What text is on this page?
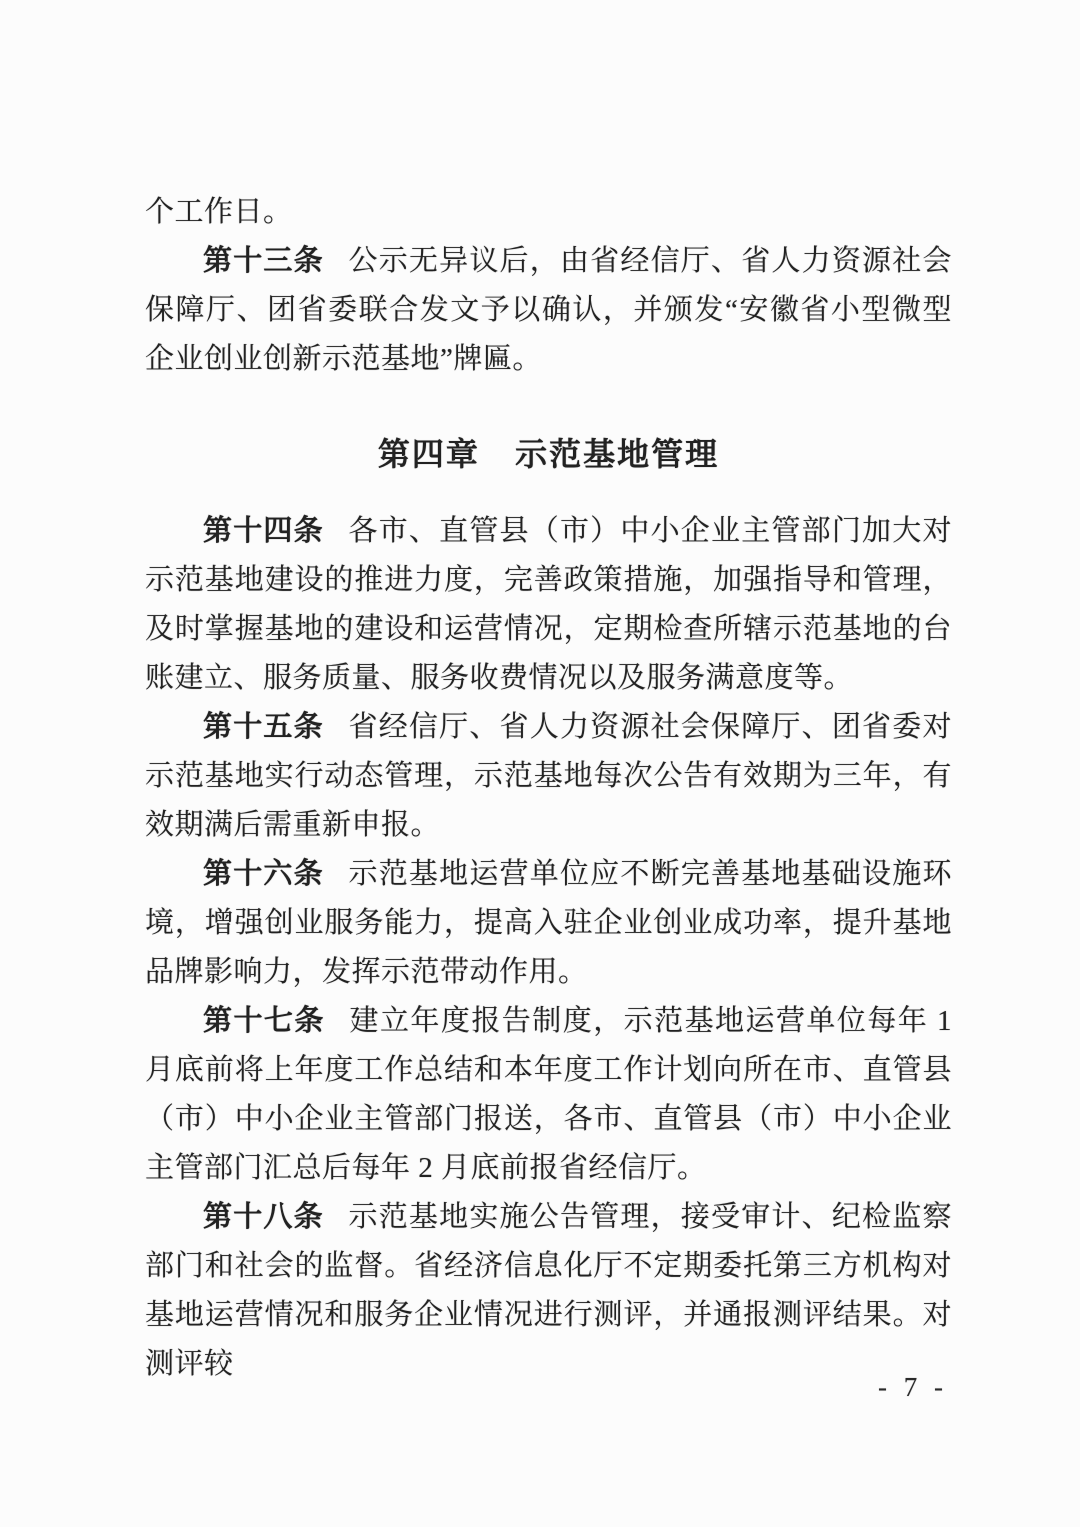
个工作日。

第十三条 公示无异议后，由省经信厅、省人力资源社会保障厅、团省委联合发文予以确认，并颁发“安徽省小型微型企业创业创新示范基地”牌匾。

第四章 示范基地管理

第十四条 各市、直管县（市）中小企业主管部门加大对示范基地建设的推进力度，完善政策措施，加强指导和管理，及时掌握基地的建设和运营情况，定期检查所辖示范基地的台账建立、服务质量、服务收费情况以及服务满意度等。

第十五条 省经信厅、省人力资源社会保障厅、团省委对示范基地实行动态管理，示范基地每次公告有效期为三年，有效期满后需重新申报。

第十六条 示范基地运营单位应不断完善基地基础设施环境，增强创业服务能力，提高入驻企业创业成功率，提升基地品牌影响力，发挥示范带动作用。

第十七条 建立年度报告制度，示范基地运营单位每年 1 月底前将上年度工作总结和本年度工作计划向所在市、直管县（市）中小企业主管部门报送，各市、直管县（市）中小企业主管部门汇总后每年 2 月底前报省经信厅。

第十八条 示范基地实施公告管理，接受审计、纪检监察部门和社会的监督。省经济信息化厅不定期委托第三方机构对基地运营情况和服务企业情况进行测评，并通报测评结果。对测评较

- 7 -
